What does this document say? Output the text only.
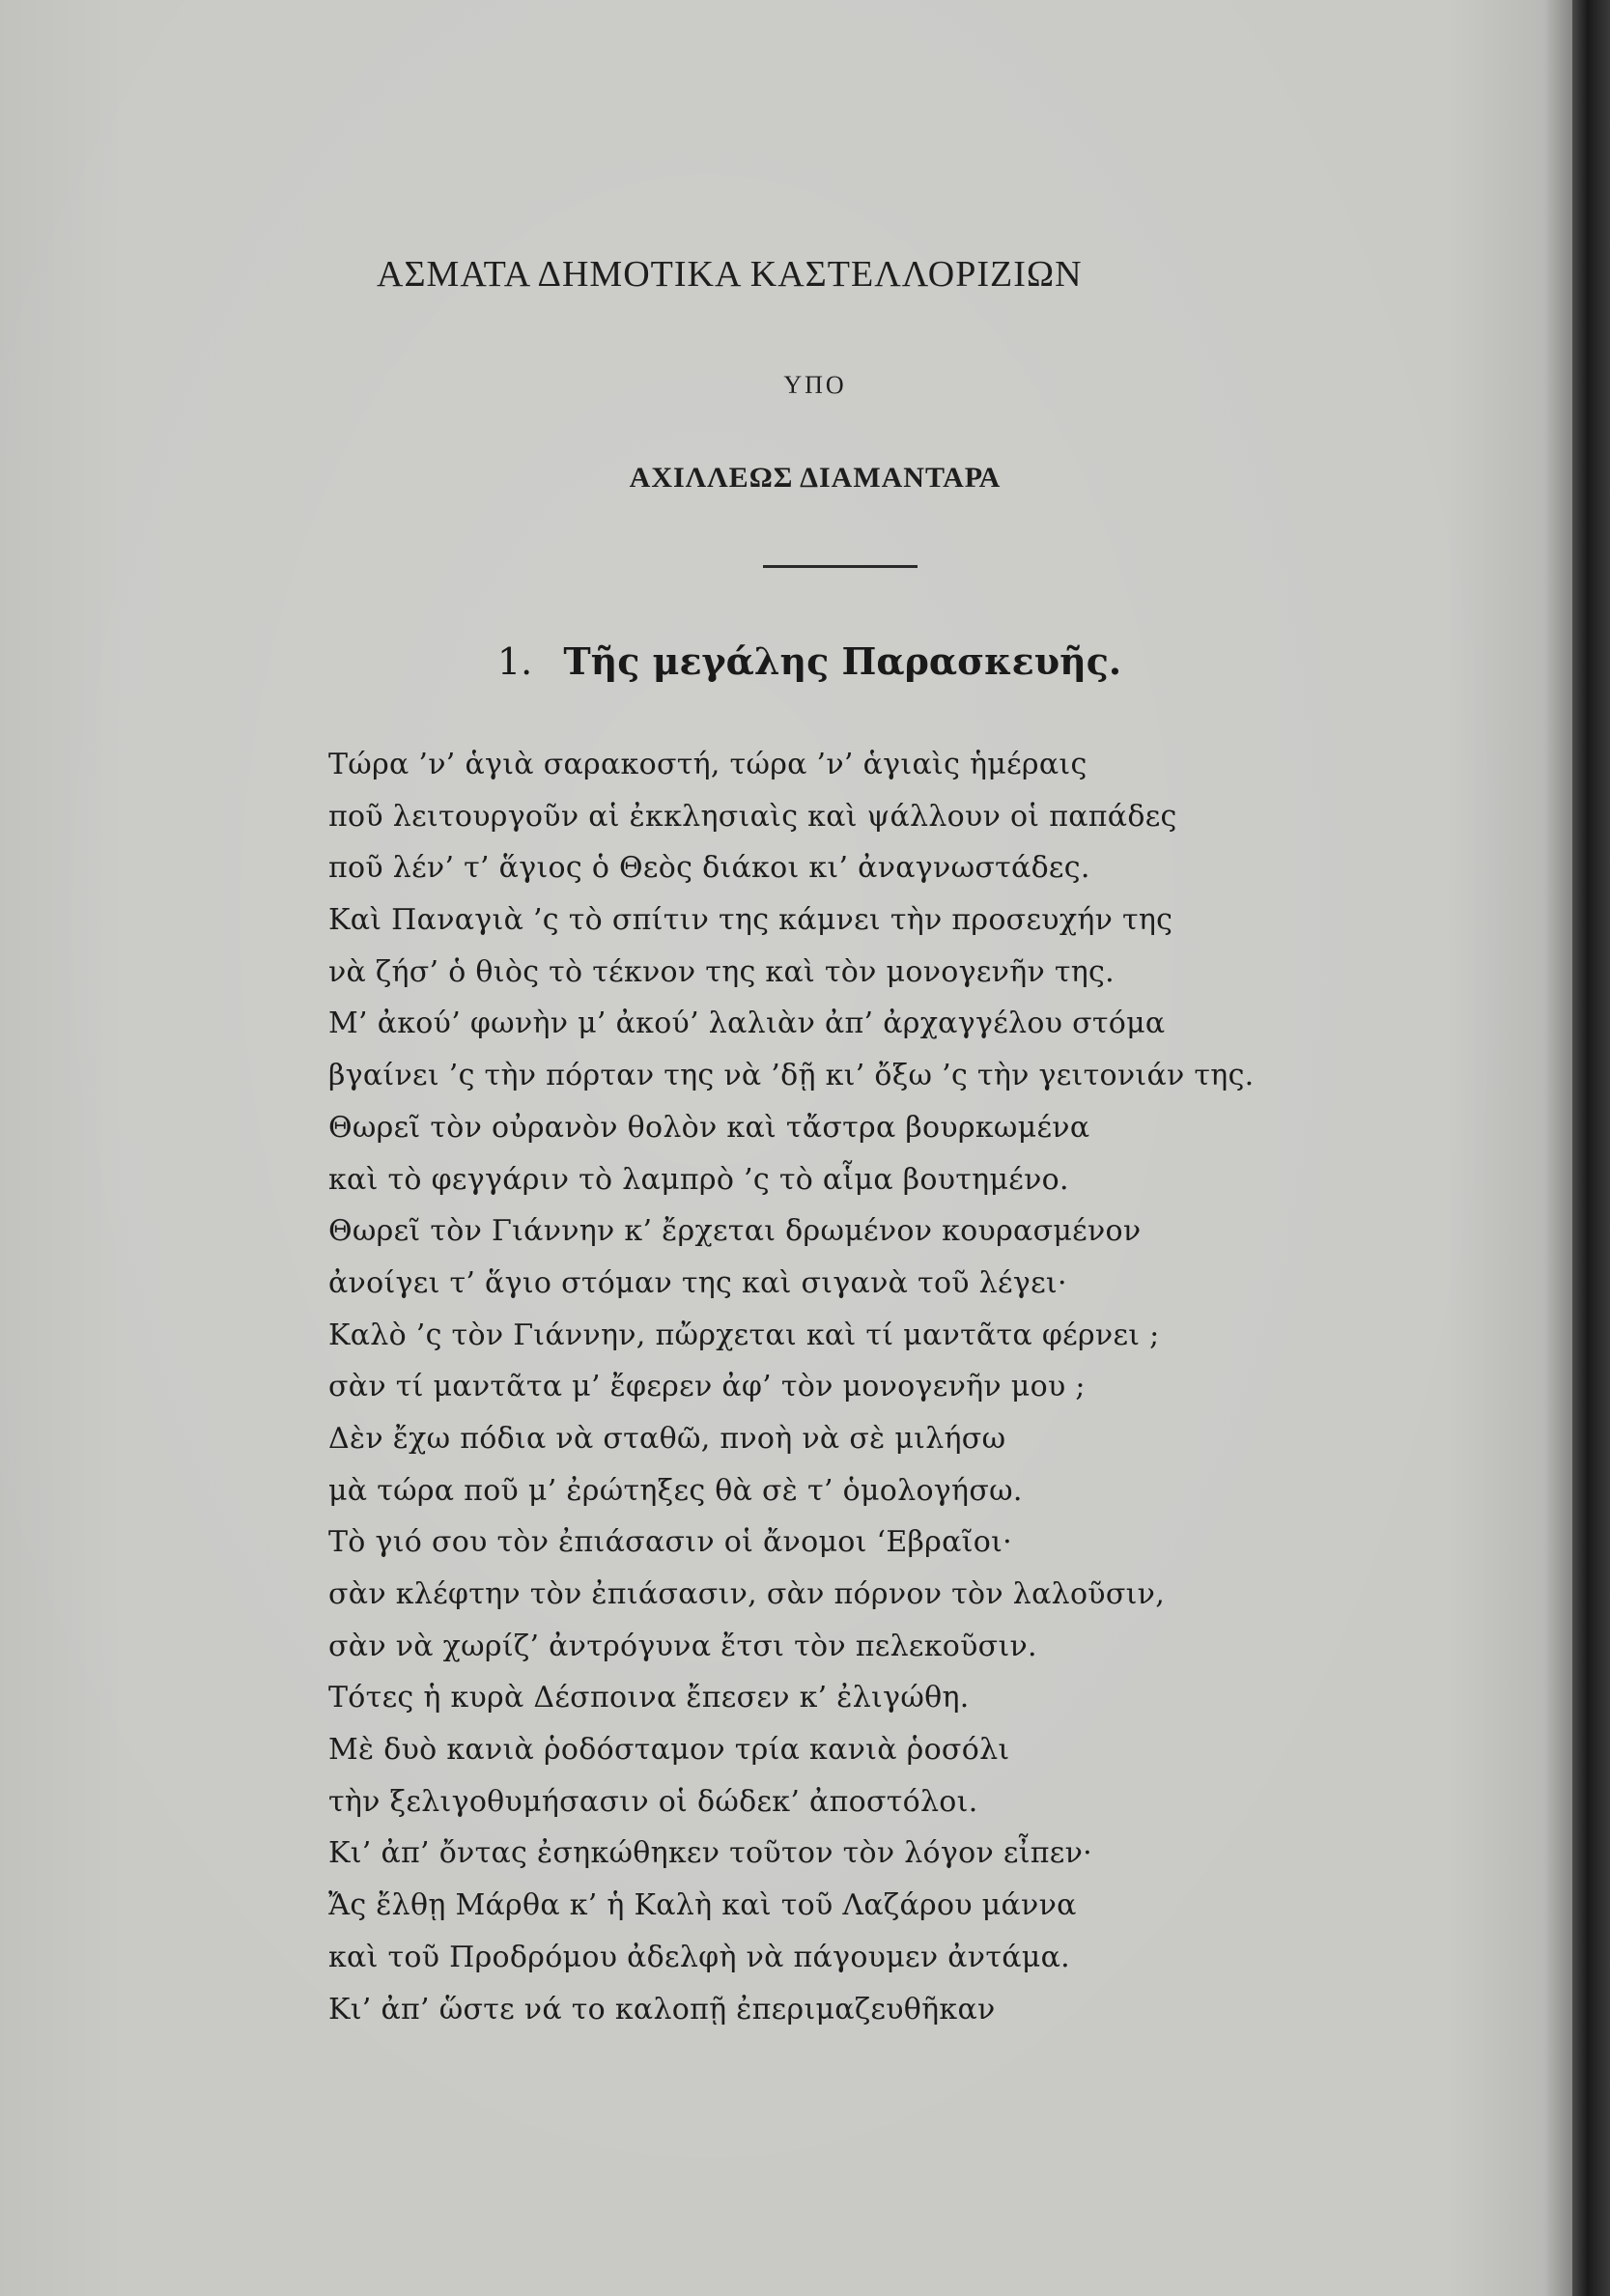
ΑΣΜΑΤΑ ΔΗΜΟΤΙΚΑ ΚΑΣΤΕΛΛΟΡΙΖΙΩΝ
ΥΠΟ
ΑΧΙΛΛΕΩΣ ΔΙΑΜΑΝΤΑΡΑ
1. Τῆς μεγάλης Παρασκευῆς.
Τώρα ’ν’ ἁγιὰ σαρακοστή, τώρα ’ν’ ἁγιαὶς ἡμέραις
ποῦ λειτουργοῦν αἱ ἐκκλησιαὶς καὶ ψάλλουν οἱ παπάδες
ποῦ λέν’ τ’ ἅγιος ὁ Θεὸς διάκοι κι’ ἀναγνωστάδες.
Καὶ Παναγιὰ ’ς τὸ σπίτιν της κάμνει τὴν προσευχήν της
νὰ ζήσ’ ὁ θιὸς τὸ τέκνον της καὶ τὸν μονογενῆν της.
Μ’ ἀκού’ φωνὴν μ’ ἀκού’ λαλιὰν ἀπ’ ἀρχαγγέλου στόμα
βγαίνει ’ς τὴν πόρταν της νὰ ’δῇ κι’ ὄξω ’ς τὴν γειτονιάν της.
Θωρεῖ τὸν οὐρανὸν θολὸν καὶ τἄστρα βουρκωμένα
καὶ τὸ φεγγάριν τὸ λαμπρὸ ’ς τὸ αἷμα βουτημένο.
Θωρεῖ τὸν Γιάννην κ’ ἔρχεται δρωμένον κουρασμένον
ἀνοίγει τ’ ἅγιο στόμαν της καὶ σιγανὰ τοῦ λέγει·
Καλὸ ’ς τὸν Γιάννην, πὤρχεται καὶ τί μαντᾶτα φέρνει ;
σὰν τί μαντᾶτα μ’ ἔφερεν ἀφ’ τὸν μονογενῆν μου ;
Δὲν ἔχω πόδια νὰ σταθῶ, πνοὴ νὰ σὲ μιλήσω
μὰ τώρα ποῦ μ’ ἐρώτηξες θὰ σὲ τ’ ὁμολογήσω.
Τὸ γιό σου τὸν ἐπιάσασιν οἱ ἄνομοι ‘Εβραῖοι·
σὰν κλέφτην τὸν ἐπιάσασιν, σὰν πόρνον τὸν λαλοῦσιν,
σὰν νὰ χωρίζ’ ἀντρόγυνα ἔτσι τὸν πελεκοῦσιν.
Τότες ἡ κυρὰ Δέσποινα ἔπεσεν κ’ ἐλιγώθη.
Μὲ δυὸ κανιὰ ῥοδόσταμον τρία κανιὰ ῥοσόλι
τὴν ξελιγοθυμήσασιν οἱ δώδεκ’ ἀποστόλοι.
Κι’ ἀπ’ ὄντας ἐσηκώθηκεν τοῦτον τὸν λόγον εἶπεν·
Ἄς ἔλθῃ Μάρθα κ’ ἡ Καλὴ καὶ τοῦ Λαζάρου μάννα
καὶ τοῦ Προδρόμου ἀδελφὴ νὰ πάγουμεν ἀντάμα.
Κι’ ἀπ’ ὥστε νά το καλοπῇ ἐπεριμαζευθῆκαν
